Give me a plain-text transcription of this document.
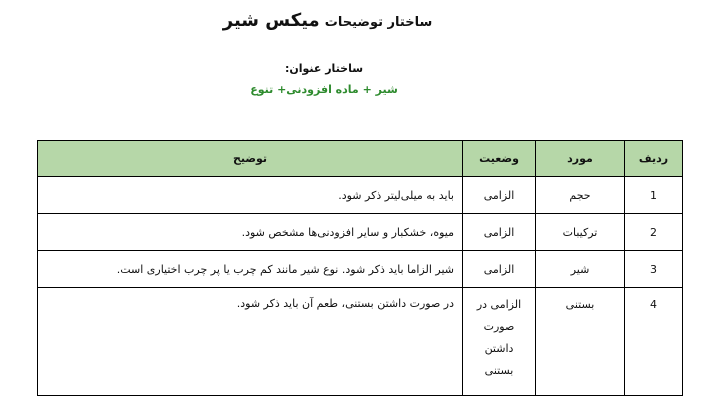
ساختار توضیحات میکس شیر
ساختار عنوان:
شیر + ماده افزودنی+ تنوع
ردیف	مورد	وضعیت	توضیح
1	حجم	الزامی	باید به میلی‌لیتر ذکر شود.
2	ترکیبات	الزامی	میوه، خشکبار و سایر افزودنی‌ها مشخص شود.
3	شیر	الزامی	شیر الزاما باید ذکر شود. نوع شیر مانند کم چرب یا پر چرب اختیاری است.
4	بستنی	الزامی در صورت داشتن بستنی	در صورت داشتن بستنی، طعم آن باید ذکر شود.
